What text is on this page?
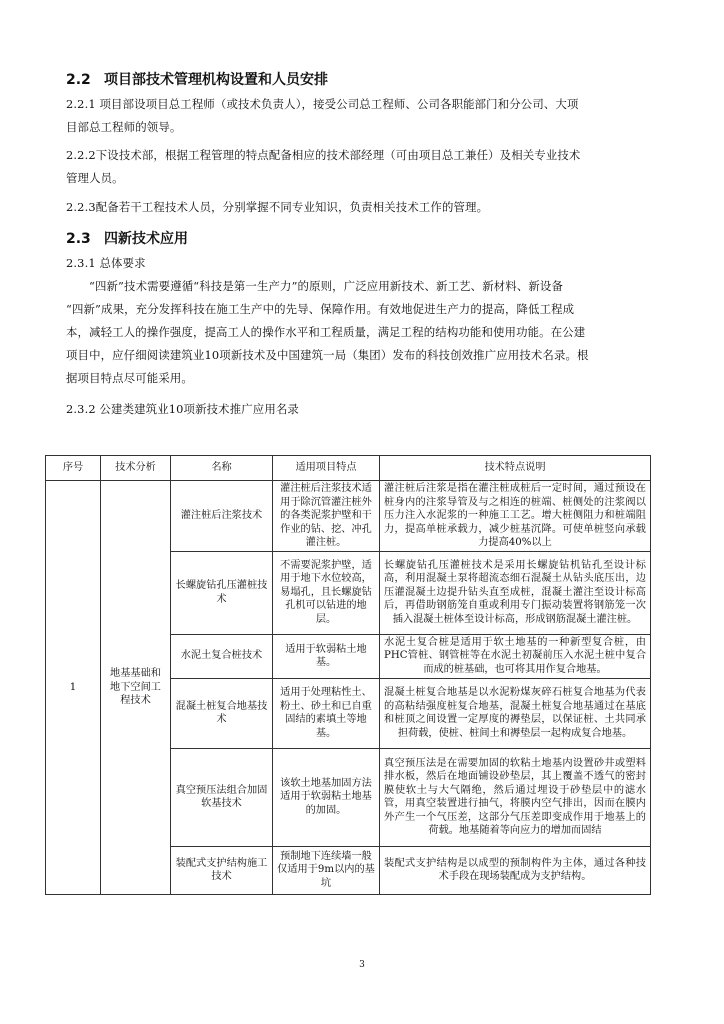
2.2 项目部技术管理机构设置和人员安排
2.2.1 项目部设项目总工程师（或技术负责人），接受公司总工程师、公司各职能部门和分公司、大项
目部总工程师的领导。
2.2.2下设技术部，根据工程管理的特点配备相应的技术部经理（可由项目总工兼任）及相关专业技术
管理人员。
2.2.3配备若干工程技术人员，分别掌握不同专业知识，负责相关技术工作的管理。
2.3 四新技术应用
2.3.1 总体要求
“四新”技术需要遵循“科技是第一生产力”的原则，广泛应用新技术、新工艺、新材料、新设备
“四新”成果，充分发挥科技在施工生产中的先导、保障作用。有效地促进生产力的提高，降低工程成
本，减轻工人的操作强度，提高工人的操作水平和工程质量，满足工程的结构功能和使用功能。在公建
项目中，应仔细阅读建筑业10项新技术及中国建筑一局（集团）发布的科技创效推广应用技术名录。根
据项目特点尽可能采用。
2.3.2 公建类建筑业10项新技术推广应用名录
序号	技术分析	名称	适用项目特点	技术特点说明
1	地基基础和地下空间工程技术	灌注桩后注浆技术	灌注桩后注浆技术适用于除沉管灌注桩外的各类泥浆护壁和干作业的钻、挖、冲孔灌注桩。	灌注桩后注浆是指在灌注桩成桩后一定时间，通过预设在桩身内的注浆导管及与之相连的桩端、桩侧处的注浆阀以压力注入水泥浆的一种施工工艺。增大桩侧阻力和桩端阻力，提高单桩承载力，减少桩基沉降。可使单桩竖向承载力提高40%以上
		长螺旋钻孔压灌桩技术	不需要泥浆护壁，适用于地下水位较高，易塌孔，且长螺旋钻孔机可以钻进的地层。	长螺旋钻孔压灌桩技术是采用长螺旋钻机钻孔至设计标高，利用混凝土泵将超流态细石混凝土从钻头底压出，边压灌混凝土边提升钻头直至成桩，混凝土灌注至设计标高后，再借助钢筋笼自重或利用专门振动装置将钢筋笼一次插入混凝土桩体至设计标高，形成钢筋混凝土灌注桩。
		水泥土复合桩技术	适用于软弱粘土地基。	水泥土复合桩是适用于软土地基的一种新型复合桩，由PHC管桩、钢管桩等在水泥土初凝前压入水泥土桩中复合而成的桩基础，也可将其用作复合地基。
		混凝土桩复合地基技术	适用于处理粘性土、粉土、砂土和已自重固结的素填土等地基。	混凝土桩复合地基是以水泥粉煤灰碎石桩复合地基为代表的高粘结强度桩复合地基，混凝土桩复合地基通过在基底和桩顶之间设置一定厚度的褥垫层，以保证桩、土共同承担荷载，使桩、桩间土和褥垫层一起构成复合地基。
		真空预压法组合加固软基技术	该软土地基加固方法适用于软弱粘土地基的加固。	真空预压法是在需要加固的软粘土地基内设置砂井或塑料排水板，然后在地面铺设砂垫层，其上覆盖不透气的密封膜使软土与大气隔绝，然后通过埋设于砂垫层中的滤水管，用真空装置进行抽气，将膜内空气排出，因而在膜内外产生一个气压差，这部分气压差即变成作用于地基上的荷载。地基随着等向应力的增加而固结
		装配式支护结构施工技术	预制地下连续墙一般仅适用于9m以内的基坑	装配式支护结构是以成型的预制构件为主体，通过各种技术手段在现场装配成为支护结构。
3
